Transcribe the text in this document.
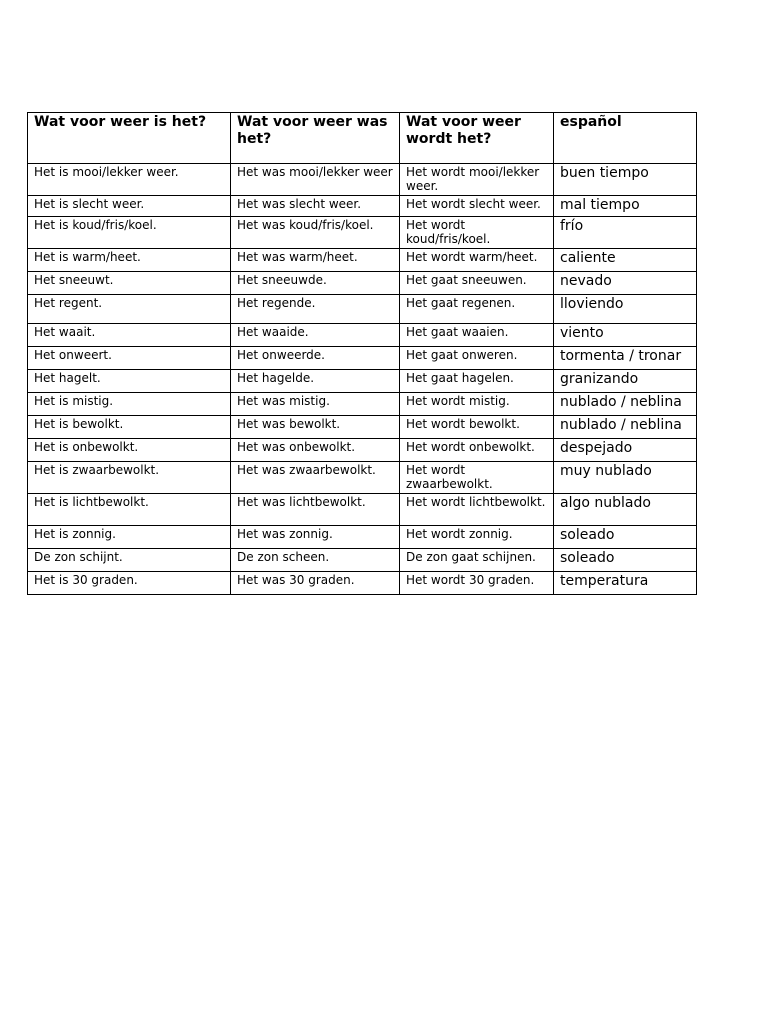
Wat voor weer is het?	Wat voor weer was het?	Wat voor weer wordt het?	español
Het is mooi/lekker weer.	Het was mooi/lekker weer	Het wordt mooi/lekker weer.	buen tiempo
Het is slecht weer.	Het was slecht weer.	Het wordt slecht weer.	mal tiempo
Het is koud/fris/koel.	Het was koud/fris/koel.	Het wordt koud/fris/koel.	frío
Het is warm/heet.	Het was warm/heet.	Het wordt warm/heet.	caliente
Het sneeuwt.	Het sneeuwde.	Het gaat sneeuwen.	nevado
Het regent.	Het regende.	Het gaat regenen.	lloviendo
Het waait.	Het waaide.	Het gaat waaien.	viento
Het onweert.	Het onweerde.	Het gaat onweren.	tormenta / tronar
Het hagelt.	Het hagelde.	Het gaat hagelen.	granizando
Het is mistig.	Het was mistig.	Het wordt mistig.	nublado / neblina
Het is bewolkt.	Het was bewolkt.	Het wordt bewolkt.	nublado / neblina
Het is onbewolkt.	Het was onbewolkt.	Het wordt onbewolkt.	despejado
Het is zwaarbewolkt.	Het was zwaarbewolkt.	Het wordt zwaarbewolkt.	muy nublado
Het is lichtbewolkt.	Het was lichtbewolkt.	Het wordt lichtbewolkt.	algo nublado
Het is zonnig.	Het was zonnig.	Het wordt zonnig.	soleado
De zon schijnt.	De zon scheen.	De zon gaat schijnen.	soleado
Het is 30 graden.	Het was 30 graden.	Het wordt 30 graden.	temperatura
